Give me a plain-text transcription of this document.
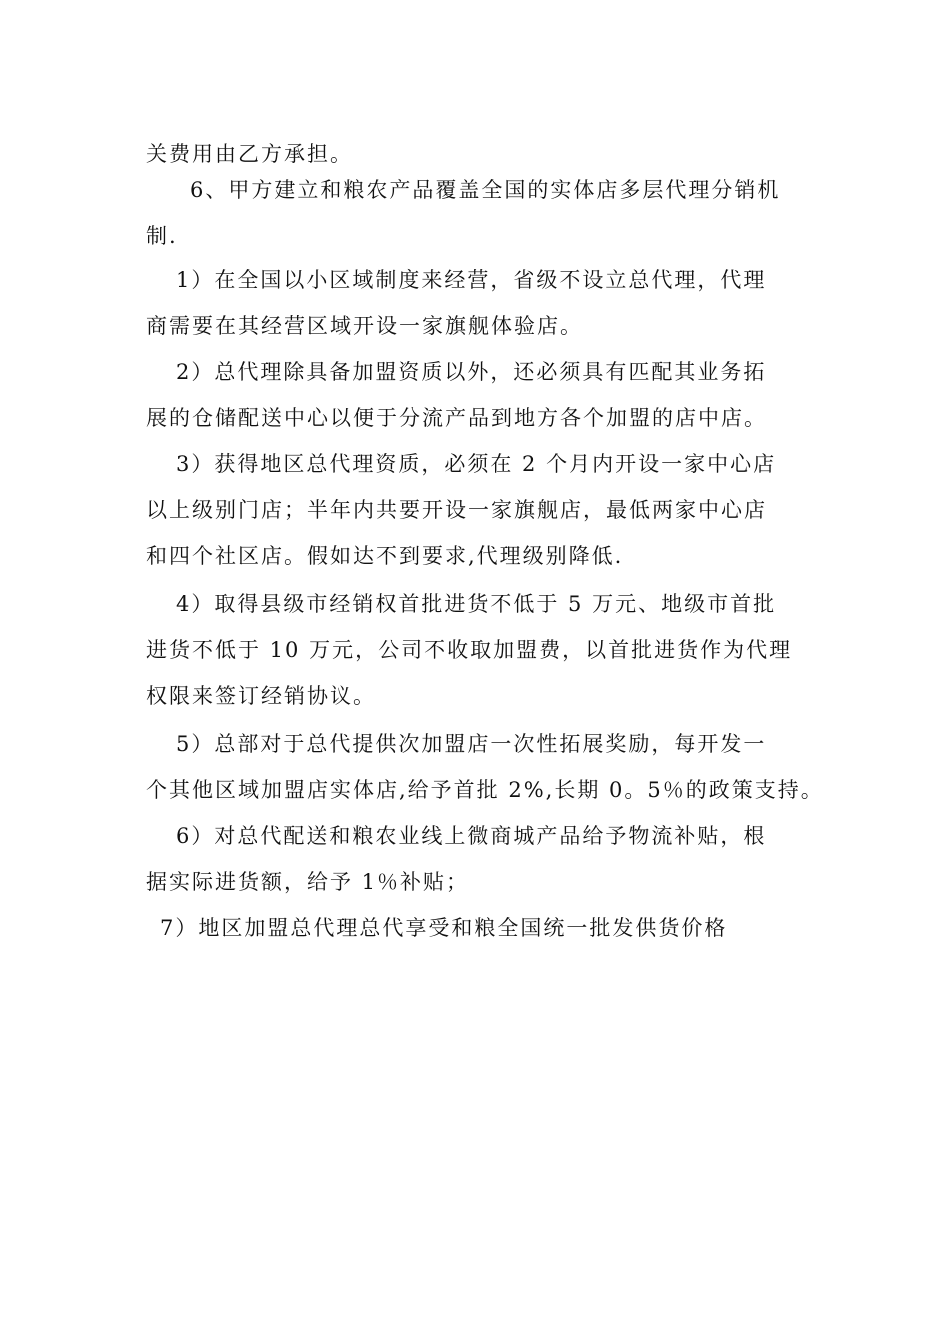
关费用由乙方承担。
6、甲方建立和粮农产品覆盖全国的实体店多层代理分销机
制.
1）在全国以小区域制度来经营，省级不设立总代理，代理
商需要在其经营区域开设一家旗舰体验店。
2）总代理除具备加盟资质以外，还必须具有匹配其业务拓
展的仓储配送中心以便于分流产品到地方各个加盟的店中店。
3）获得地区总代理资质，必须在 2 个月内开设一家中心店
以上级别门店；半年内共要开设一家旗舰店，最低两家中心店
和四个社区店。假如达不到要求,代理级别降低.
4）取得县级市经销权首批进货不低于 5 万元、地级市首批
进货不低于 10 万元，公司不收取加盟费，以首批进货作为代理
权限来签订经销协议。
5）总部对于总代提供次加盟店一次性拓展奖励，每开发一
个其他区域加盟店实体店,给予首批 2%,长期 0。5％的政策支持。
6）对总代配送和粮农业线上微商城产品给予物流补贴，根
据实际进货额，给予 1％补贴；
7）地区加盟总代理总代享受和粮全国统一批发供货价格
